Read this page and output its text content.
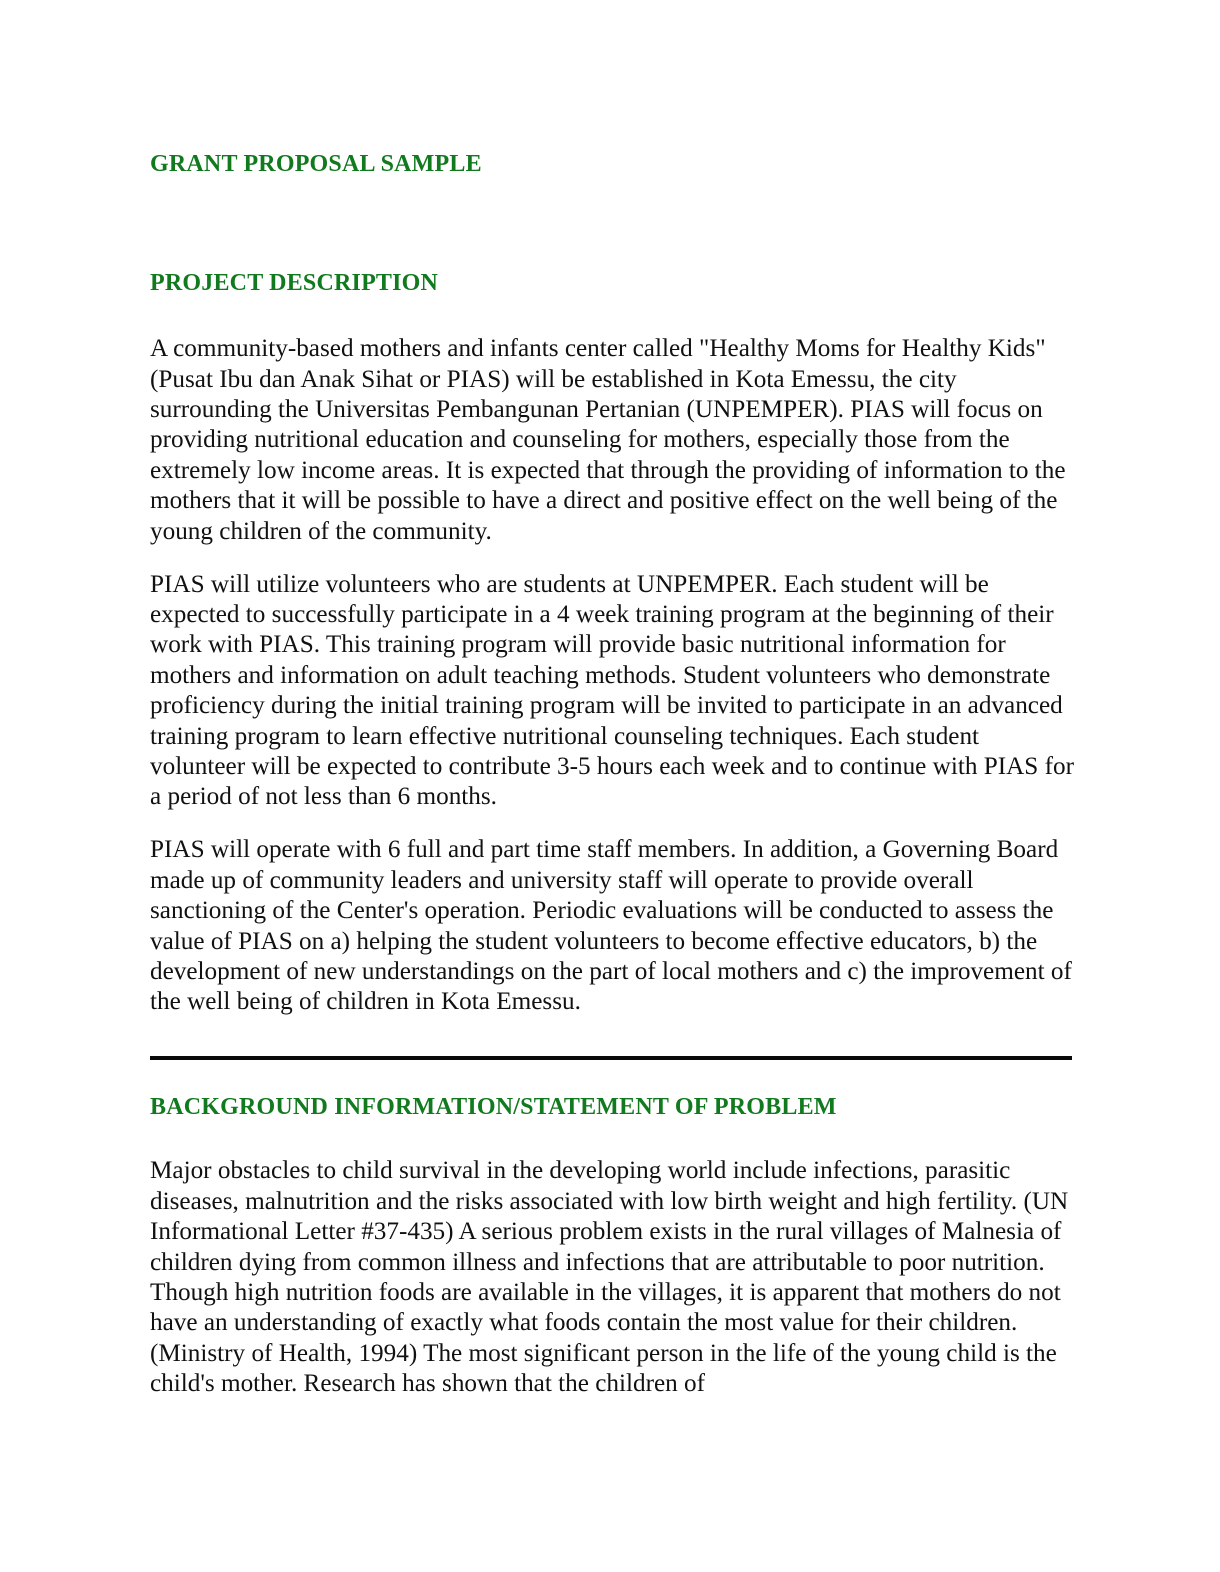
GRANT PROPOSAL SAMPLE
PROJECT DESCRIPTION

A community-based mothers and infants center called "Healthy Moms for Healthy Kids" (Pusat Ibu dan Anak Sihat or PIAS) will be established in Kota Emessu, the city surrounding the Universitas Pembangunan Pertanian (UNPEMPER). PIAS will focus on providing nutritional education and counseling for mothers, especially those from the extremely low income areas. It is expected that through the providing of information to the mothers that it will be possible to have a direct and positive effect on the well being of the young children of the community.

PIAS will utilize volunteers who are students at UNPEMPER. Each student will be expected to successfully participate in a 4 week training program at the beginning of their work with PIAS. This training program will provide basic nutritional information for mothers and information on adult teaching methods. Student volunteers who demonstrate proficiency during the initial training program will be invited to participate in an advanced training program to learn effective nutritional counseling techniques. Each student volunteer will be expected to contribute 3-5 hours each week and to continue with PIAS for a period of not less than 6 months.

PIAS will operate with 6 full and part time staff members. In addition, a Governing Board made up of community leaders and university staff will operate to provide overall sanctioning of the Center's operation. Periodic evaluations will be conducted to assess the value of PIAS on a) helping the student volunteers to become effective educators, b) the development of new understandings on the part of local mothers and c) the improvement of the well being of children in Kota Emessu.

BACKGROUND INFORMATION/STATEMENT OF PROBLEM

Major obstacles to child survival in the developing world include infections, parasitic diseases, malnutrition and the risks associated with low birth weight and high fertility. (UN Informational Letter #37-435) A serious problem exists in the rural villages of Malnesia of children dying from common illness and infections that are attributable to poor nutrition. Though high nutrition foods are available in the villages, it is apparent that mothers do not have an understanding of exactly what foods contain the most value for their children. (Ministry of Health, 1994) The most significant person in the life of the young child is the child's mother. Research has shown that the children of
